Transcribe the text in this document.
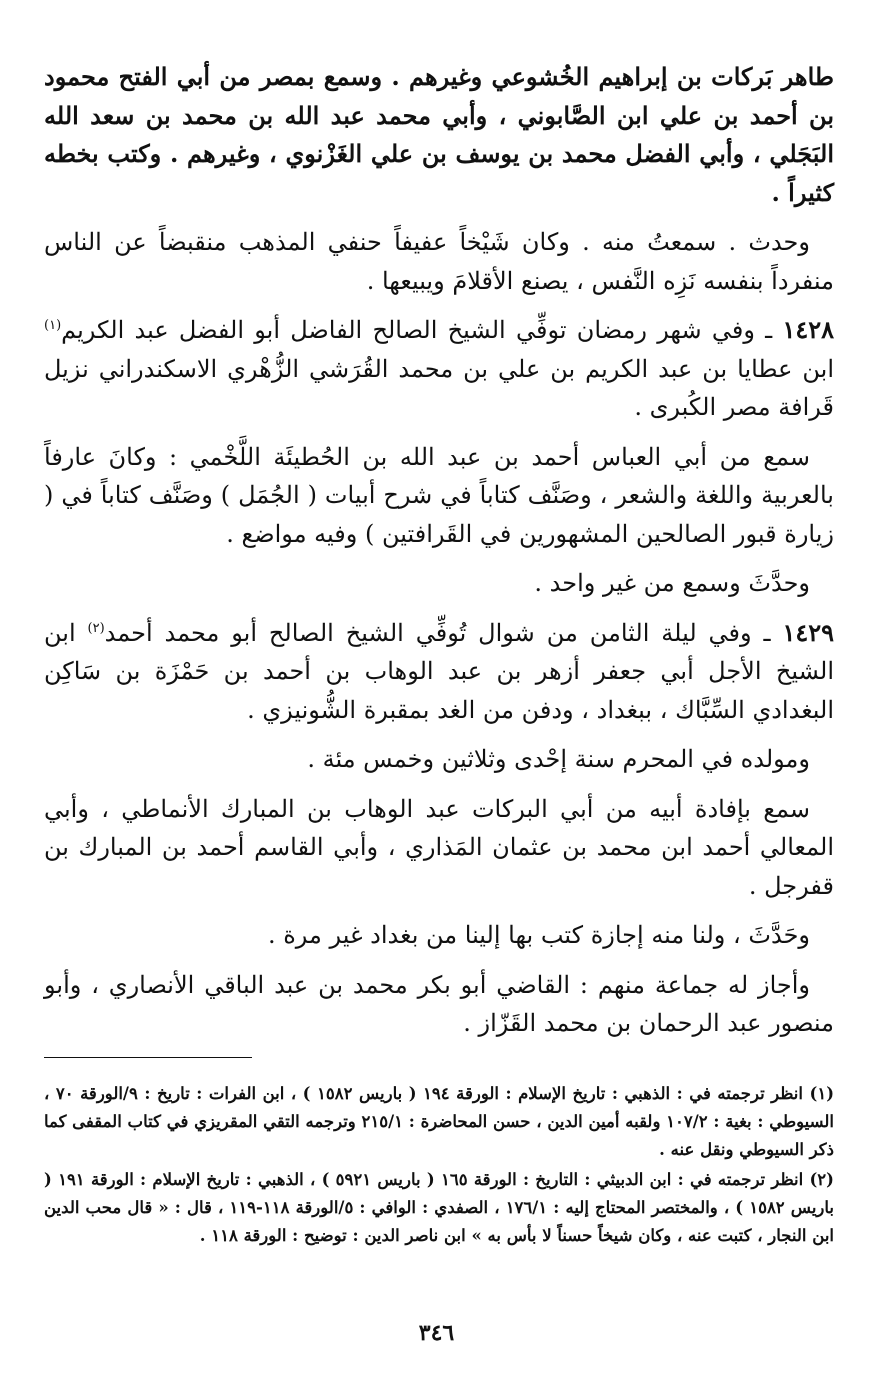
طاهر بَركات بن إبراهيم الخُشوعي وغيرهم . وسمع بمصر من أبي الفتح محمود بن أحمد بن علي ابن الصَّابوني ، وأبي محمد عبد الله بن محمد بن سعد الله البَجَلي ، وأبي الفضل محمد بن يوسف بن علي الغَزْنوي ، وغيرهم . وكتب بخطه كثيراً .

وحدث . سمعتُ منه . وكان شَيْخاً عفيفاً حنفي المذهب منقبضاً عن الناس منفرداً بنفسه نَزِه النَّفس ، يصنع الأقلامَ ويبيعها .

١٤٢٨ ـ وفي شهر رمضان توفِّي الشيخ الصالح الفاضل أبو الفضل عبد الكريم$^{(١)}$ ابن عطايا بن عبد الكريم بن علي بن محمد القُرَشي الزُّهْري الاسكندراني نزيل قَرافة مصر الكُبرى .

سمع من أبي العباس أحمد بن عبد الله بن الحُطيئَة اللَّخْمي : وكانَ عارفاً بالعربية واللغة والشعر ، وصَنَّف كتاباً في شرح أبيات ( الجُمَل ) وصَنَّف كتاباً في ( زيارة قبور الصالحين المشهورين في القَرافتين ) وفيه مواضع .

وحدَّثَ وسمع من غير واحد .

١٤٢٩ ـ وفي ليلة الثامن من شوال تُوفِّي الشيخ الصالح أبو محمد أحمد$^{(٢)}$ ابن الشيخ الأجل أبي جعفر أزهر بن عبد الوهاب بن أحمد بن حَمْزَة بن سَاكِن البغدادي السِّبَّاك ، ببغداد ، ودفن من الغد بمقبرة الشُّونيزي .

ومولده في المحرم سنة إحْدى وثلاثين وخمس مئة .

سمع بإفادة أبيه من أبي البركات عبد الوهاب بن المبارك الأنماطي ، وأبي المعالي أحمد ابن محمد بن عثمان المَذاري ، وأبي القاسم أحمد بن المبارك بن قفرجل .

وحَدَّثَ ، ولنا منه إجازة كتب بها إلينا من بغداد غير مرة .

وأجاز له جماعة منهم : القاضي أبو بكر محمد بن عبد الباقي الأنصاري ، وأبو منصور عبد الرحمان بن محمد القَزّاز .

(١) انظر ترجمته في : الذهبي : تاريخ الإسلام : الورقة ١٩٤ ( باريس ١٥٨٢ ) ، ابن الفرات : تاريخ : ٩/الورقة ٧٠ ، السيوطي : بغية : ١٠٧/٢ ولقبه أمين الدين ، حسن المحاضرة : ٢١٥/١ وترجمه التقي المقريزي في كتاب المقفى كما ذكر السيوطي ونقل عنه .

(٢) انظر ترجمته في : ابن الدبيثي : التاريخ : الورقة ١٦٥ ( باريس ٥٩٢١ ) ، الذهبي : تاريخ الإسلام : الورقة ١٩١ ( باريس ١٥٨٢ ) ، والمختصر المحتاج إليه : ١٧٦/١ ، الصفدي : الوافي : ٥/الورقة ١١٨-١١٩ ، قال : « قال محب الدين ابن النجار ، كتبت عنه ، وكان شيخاً حسناً لا بأس به » ابن ناصر الدين : توضيح : الورقة ١١٨ .

٣٤٦
